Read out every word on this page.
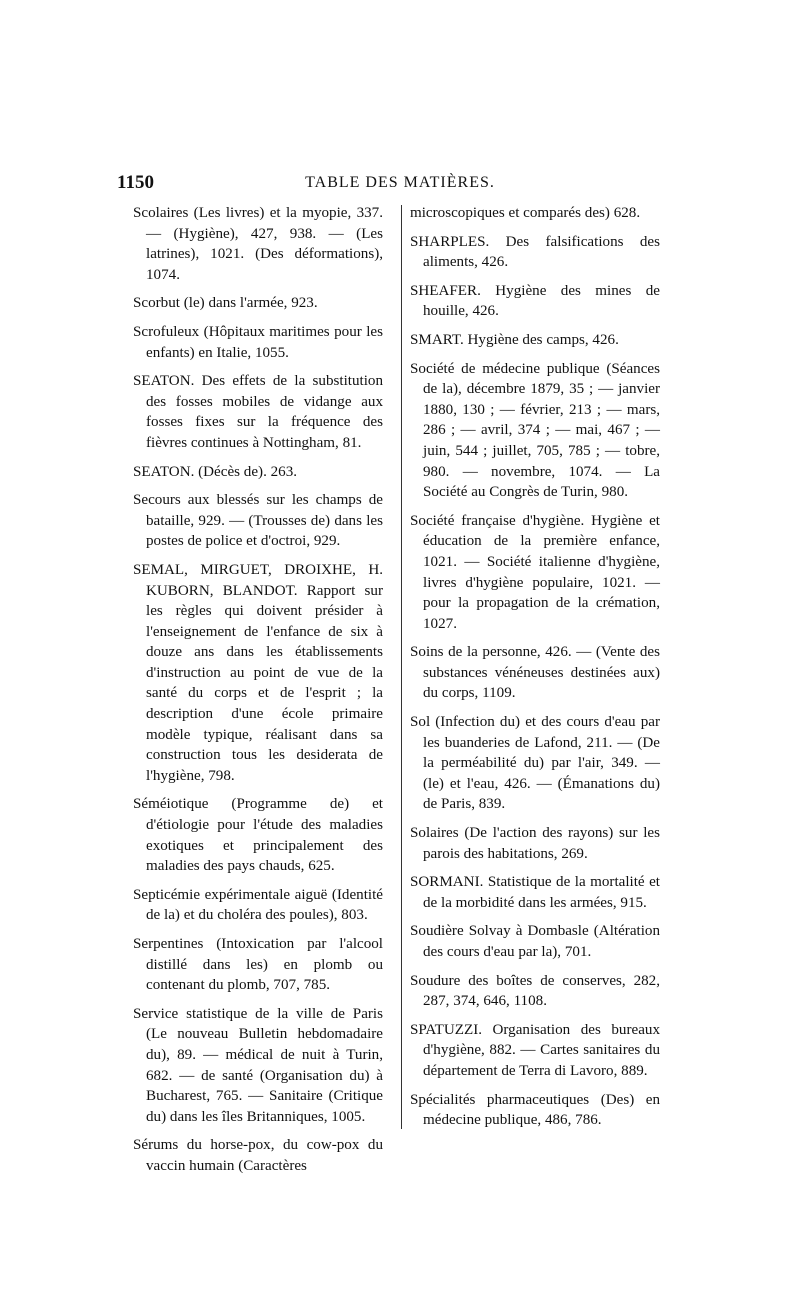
1150	TABLE DES MATIÈRES.

Scolaires (Les livres) et la myopie, 337. — (Hygiène), 427, 938. — (Les latrines), 1021. (Des déformations), 1074.

Scorbut (le) dans l'armée, 923.

Scrofuleux (Hôpitaux maritimes pour les enfants) en Italie, 1055.

SEATON. Des effets de la substitution des fosses mobiles de vidange aux fosses fixes sur la fréquence des fièvres continues à Nottingham, 81.

SEATON. (Décès de). 263.

Secours aux blessés sur les champs de bataille, 929. — (Trousses de) dans les postes de police et d'octroi, 929.

SEMAL, MIRGUET, DROIXHE, H. KUBORN, BLANDOT. Rapport sur les règles qui doivent présider à l'enseignement de l'enfance de six à douze ans dans les établissements d'instruction au point de vue de la santé du corps et de l'esprit ; la description d'une école primaire modèle typique, réalisant dans sa construction tous les desiderata de l'hygiène, 798.

Séméiotique (Programme de) et d'étiologie pour l'étude des maladies exotiques et principalement des maladies des pays chauds, 625.

Septicémie expérimentale aiguë (Identité de la) et du choléra des poules), 803.

Serpentines (Intoxication par l'alcool distillé dans les) en plomb ou contenant du plomb, 707, 785.

Service statistique de la ville de Paris (Le nouveau Bulletin hebdomadaire du), 89. — médical de nuit à Turin, 682. — de santé (Organisation du) à Bucharest, 765. — Sanitaire (Critique du) dans les îles Britanniques, 1005.

Sérums du horse-pox, du cow-pox du vaccin humain (Caractères

microscopiques et comparés des) 628.

SHARPLES. Des falsifications des aliments, 426.

SHEAFER. Hygiène des mines de houille, 426.

SMART. Hygiène des camps, 426.

Société de médecine publique (Séances de la), décembre 1879, 35 ; — janvier 1880, 130 ; — février, 213 ; — mars, 286 ; — avril, 374 ; — mai, 467 ; — juin, 544 ; juillet, 705, 785 ; — tobre, 980. — novembre, 1074. — La Société au Congrès de Turin, 980.

Société française d'hygiène. Hygiène et éducation de la première enfance, 1021. — Société italienne d'hygiène, livres d'hygiène populaire, 1021. — pour la propagation de la crémation, 1027.

Soins de la personne, 426. — (Vente des substances vénéneuses destinées aux) du corps, 1109.

Sol (Infection du) et des cours d'eau par les buanderies de Lafond, 211. — (De la perméabilité du) par l'air, 349. — (le) et l'eau, 426. — (Émanations du) de Paris, 839.

Solaires (De l'action des rayons) sur les parois des habitations, 269.

SORMANI. Statistique de la mortalité et de la morbidité dans les armées, 915.

Soudière Solvay à Dombasle (Altération des cours d'eau par la), 701.

Soudure des boîtes de conserves, 282, 287, 374, 646, 1108.

SPATUZZI. Organisation des bureaux d'hygiène, 882. — Cartes sanitaires du département de Terra di Lavoro, 889.

Spécialités pharmaceutiques (Des) en médecine publique, 486, 786.
